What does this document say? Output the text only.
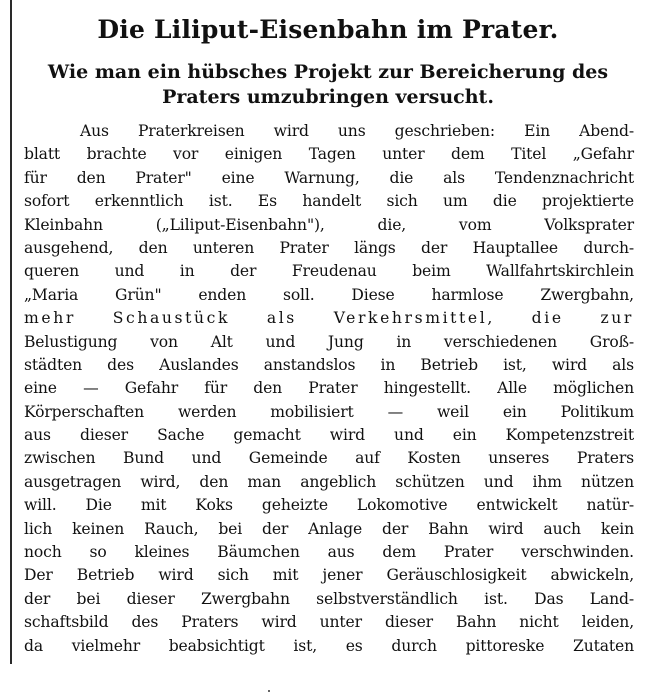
Die Liliput-Eisenbahn im Prater.
Wie man ein hübsches Projekt zur Bereicherung des
Praters umzubringen versucht.
Aus Praterkreisen wird uns geschrieben: Ein Abend-
blatt brachte vor einigen Tagen unter dem Titel „Gefahr
für den Prater" eine Warnung, die als Tendenznachricht
sofort erkenntlich ist. Es handelt sich um die projektierte
Kleinbahn („Liliput-Eisenbahn"), die, vom Volksprater
ausgehend, den unteren Prater längs der Hauptallee durch-
queren und in der Freudenau beim Wallfahrtskirchlein
„Maria Grün" enden soll. Diese harmlose Zwergbahn,
mehr Schaustück als Verkehrsmittel, die zur
Belustigung von Alt und Jung in verschiedenen Groß-
städten des Auslandes anstandslos in Betrieb ist, wird als
eine — Gefahr für den Prater hingestellt. Alle möglichen
Körperschaften werden mobilisiert — weil ein Politikum
aus dieser Sache gemacht wird und ein Kompetenzstreit
zwischen Bund und Gemeinde auf Kosten unseres Praters
ausgetragen wird, den man angeblich schützen und ihm nützen
will. Die mit Koks geheizte Lokomotive entwickelt natür-
lich keinen Rauch, bei der Anlage der Bahn wird auch kein
noch so kleines Bäumchen aus dem Prater verschwinden.
Der Betrieb wird sich mit jener Geräuschlosigkeit abwickeln,
der bei dieser Zwergbahn selbstverständlich ist. Das Land-
schaftsbild des Praters wird unter dieser Bahn nicht leiden,
da vielmehr beabsichtigt ist, es durch pittoreske Zutaten
